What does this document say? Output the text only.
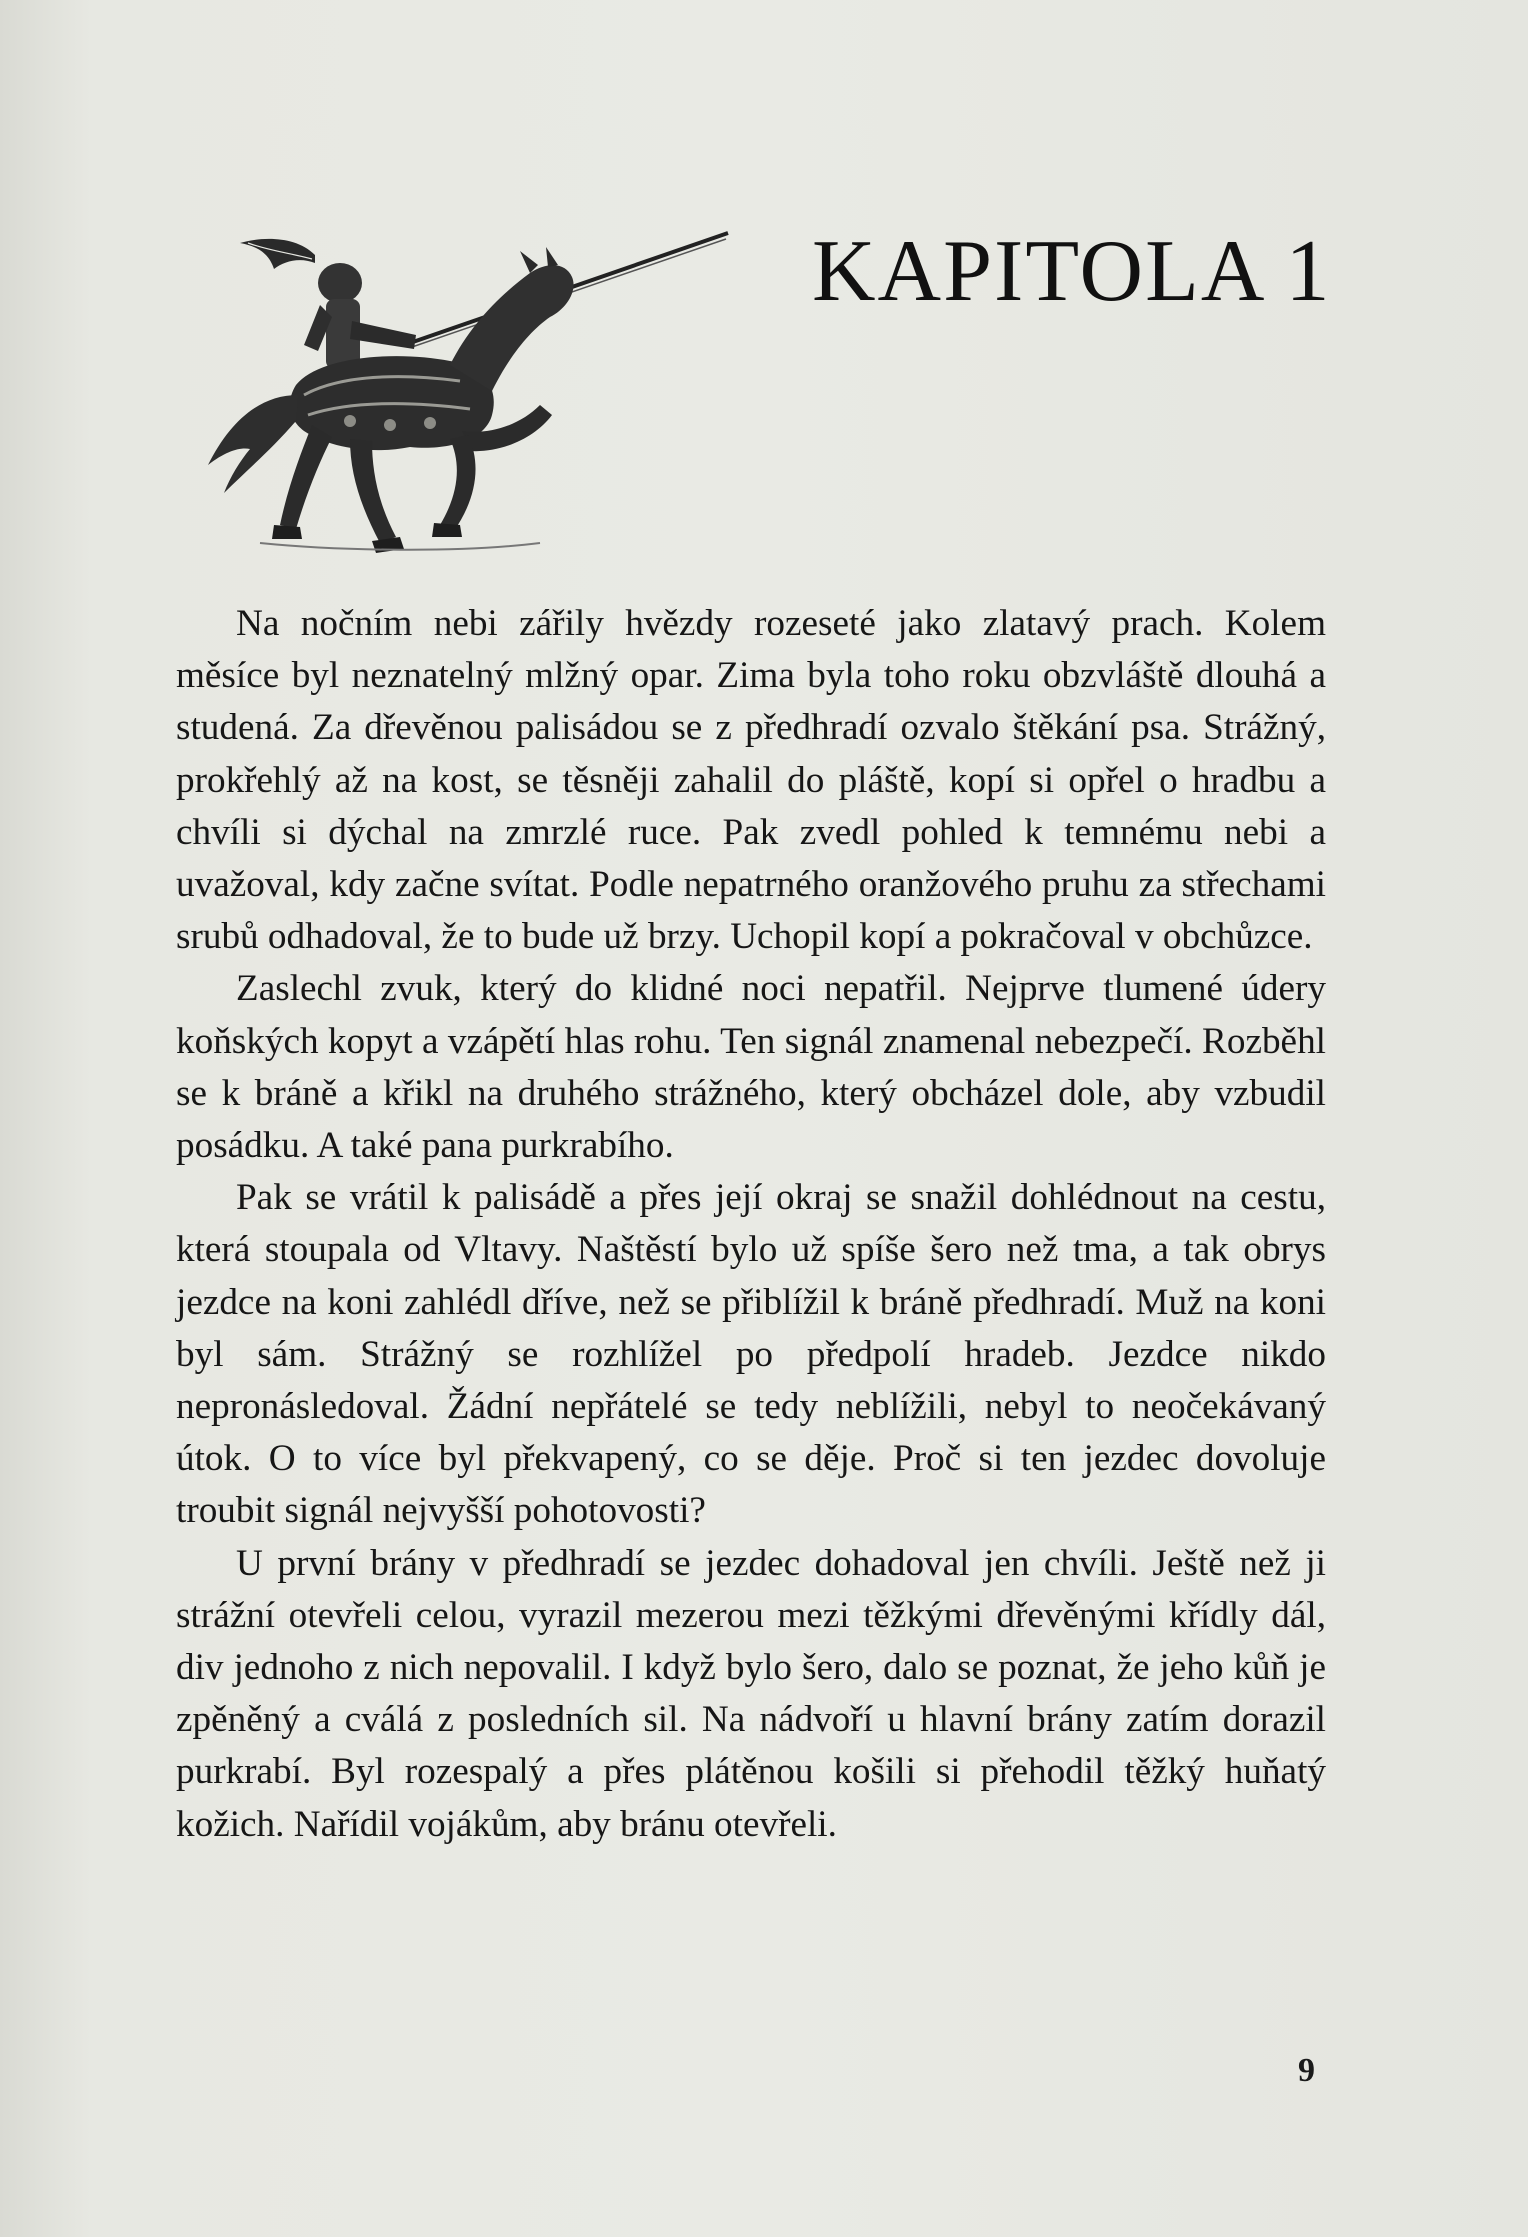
KAPITOLA 1

Na nočním nebi zářily hvězdy rozeseté jako zlatavý prach. Kolem měsíce byl neznatelný mlžný opar. Zima byla toho roku obzvláště dlouhá a studená. Za dřevěnou palisádou se z předhradí ozvalo štěkání psa. Strážný, prokřehlý až na kost, se těsněji zahalil do pláště, kopí si opřel o hradbu a chvíli si dýchal na zmrzlé ruce. Pak zvedl pohled k temnému nebi a uvažoval, kdy začne svítat. Podle nepatrného oranžového pruhu za střechami srubů odhadoval, že to bude už brzy. Uchopil kopí a pokračoval v obchůzce.

Zaslechl zvuk, který do klidné noci nepatřil. Nejprve tlumené údery koňských kopyt a vzápětí hlas rohu. Ten signál znamenal nebezpečí. Rozběhl se k bráně a křikl na druhého strážného, který obcházel dole, aby vzbudil posádku. A také pana purkrabího.

Pak se vrátil k palisádě a přes její okraj se snažil dohlédnout na cestu, která stoupala od Vltavy. Naštěstí bylo už spíše šero než tma, a tak obrys jezdce na koni zahlédl dříve, než se přiblížil k bráně předhradí. Muž na koni byl sám. Strážný se rozhlížel po předpolí hradeb. Jezdce nikdo nepronásledoval. Žádní nepřátelé se tedy neblížili, nebyl to neočekávaný útok. O to více byl překvapený, co se děje. Proč si ten jezdec dovoluje troubit signál nejvyšší pohotovosti?

U první brány v předhradí se jezdec dohadoval jen chvíli. Ještě než ji strážní otevřeli celou, vyrazil mezerou mezi těžkými dřevěnými křídly dál, div jednoho z nich nepovalil. I když bylo šero, dalo se poznat, že jeho kůň je zpěněný a cválá z posledních sil. Na nádvoří u hlavní brány zatím dorazil purkrabí. Byl rozespalý a přes plátěnou košili si přehodil těžký huňatý kožich. Nařídil vojákům, aby bránu otevřeli.

9
